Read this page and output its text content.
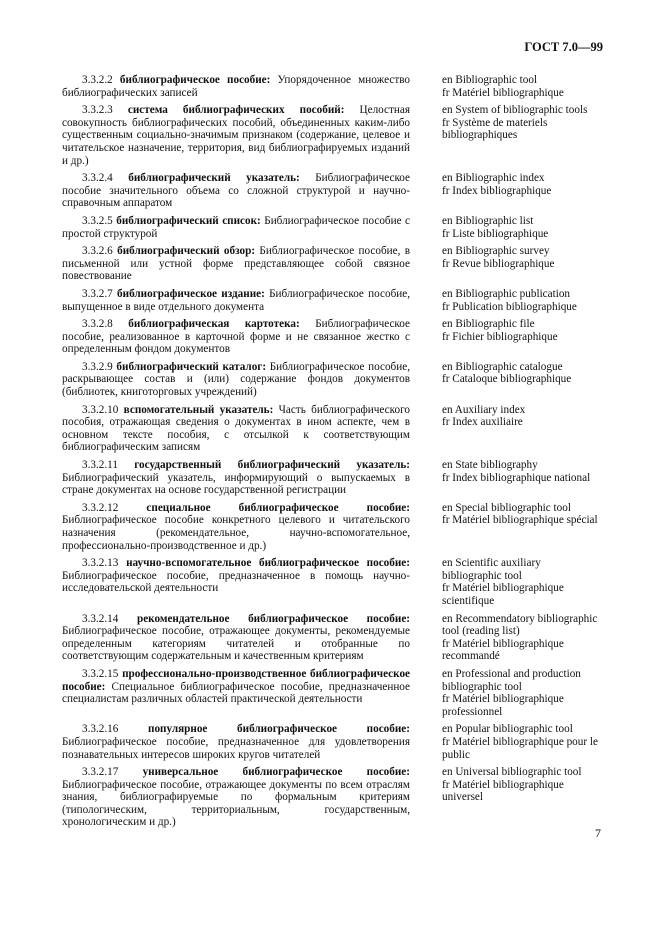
ГОСТ 7.0—99
3.3.2.2 библиографическое пособие: Упорядоченное множество библиографических записей
en Bibliographic tool
fr Matériel bibliographique
3.3.2.3 система библиографических пособий: Целостная совокупность библиографических пособий, объединенных каким-либо существенным социально-значимым признаком (содержание, целевое и читательское назначение, территория, вид библиографируемых изданий и др.)
en System of bibliographic tools
fr Système de materiels bibliographiques
3.3.2.4 библиографический указатель: Библиографическое пособие значительного объема со сложной структурой и научно-справочным аппаратом
en Bibliographic index
fr Index bibliographique
3.3.2.5 библиографический список: Библиографическое пособие с простой структурой
en Bibliographic list
fr Liste bibliographique
3.3.2.6 библиографический обзор: Библиографическое пособие, в письменной или устной форме представляющее собой связное повествование
en Bibliographic survey
fr Revue bibliographique
3.3.2.7 библиографическое издание: Библиографическое пособие, выпущенное в виде отдельного документа
en Bibliographic publication
fr Publication bibliographique
3.3.2.8 библиографическая картотека: Библиографическое пособие, реализованное в карточной форме и не связанное жестко с определенным фондом документов
en Bibliographic file
fr Fichier bibliographique
3.3.2.9 библиографический каталог: Библиографическое пособие, раскрывающее состав и (или) содержание фондов документов (библиотек, книготорговых учреждений)
en Bibliographic catalogue
fr Cataloque bibliographique
3.3.2.10 вспомогательный указатель: Часть библиографического пособия, отражающая сведения о документах в ином аспекте, чем в основном тексте пособия, с отсылкой к соответствующим библиографическим записям
en Auxiliary index
fr Index auxiliaire
3.3.2.11 государственный библиографический указатель: Библиографический указатель, информирующий о выпускаемых в стране документах на основе государственной регистрации
en State bibliography
fr Index bibliographique national
3.3.2.12	специальное библиографическое пособие: Библиографическое пособие конкретного целевого и читательского назначения (рекомендательное, научно-вспомогательное, профессионально-производственное и др.)
en Special bibliographic tool
fr Matériel bibliographique spécial
3.3.2.13 научно-вспомогательное библиографическое пособие: Библиографическое пособие, предназначенное в помощь научно-исследовательской деятельности
en Scientific auxiliary bibliographic tool
fr Matériel bibliographique scientifique
3.3.2.14 рекомендательное библиографическое пособие: Библиографическое пособие, отражающее документы, рекомендуемые определенным категориям читателей и отобранные по соответствующим содержательным и качественным критериям
en Recommendatory bibliographic tool (reading list)
fr Matériel bibliographique recommandé
3.3.2.15 профессионально-производственное библиографическое пособие: Специальное библиографическое пособие, предназначенное специалистам различных областей практической деятельности
en Professional and production bibliographic tool
fr Matériel bibliographique professionnel
3.3.2.16	популярное библиографическое пособие: Библиографическое пособие, предназначенное для удовлетворения познавательных интересов широких кругов читателей
en Popular bibliographic tool
fr Matériel bibliographique pour le public
3.3.2.17 универсальное библиографическое пособие: Библиографическое пособие, отражающее документы по всем отраслям знания, библиографируемые по формальным критериям (типологическим, территориальным, государственным, хронологическим и др.)
en Universal bibliographic tool
fr Matériel bibliographique universel
7
